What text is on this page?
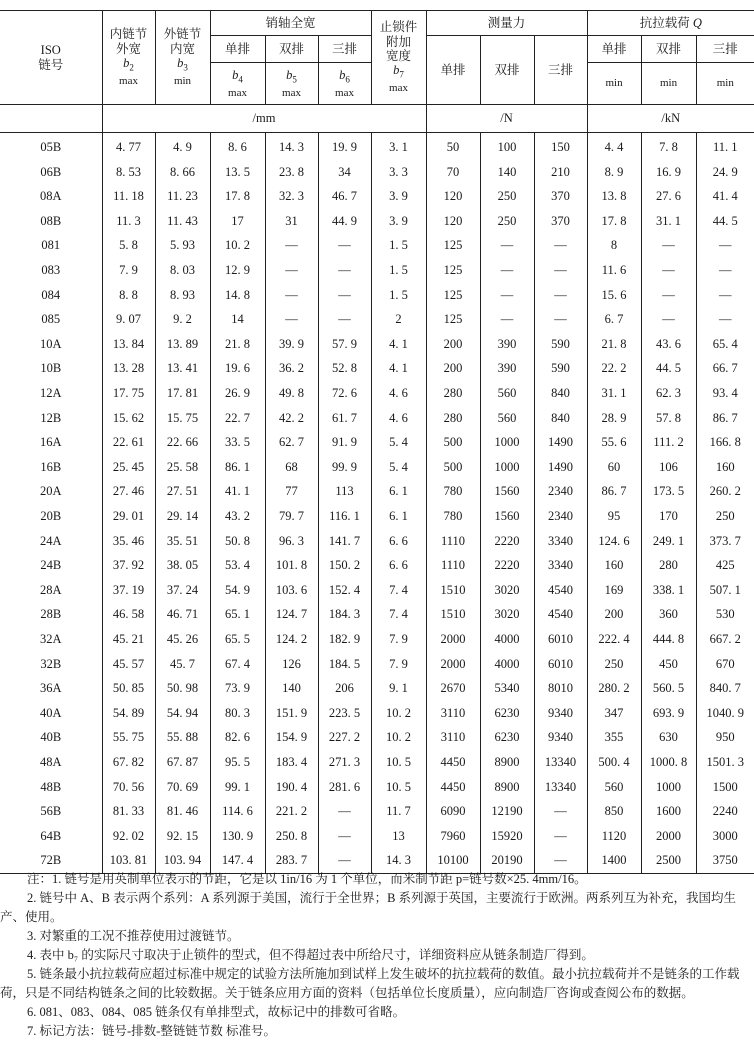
ISO
链号	内链节
外宽
$b_2$
max	外链节
内宽
$b_3$
min	销轴全宽			止锁件
附加
宽度
$b_7$
max	测量力			抗拉载荷 Q		
			单排	双排	三排		单排	双排	三排	单排	双排	三排
			$b_4$
max	$b_5$
max	$b_6$
max					min	min	min
	/mm						/N			/kN		
05B	4. 77	4. 9	8. 6	14. 3	19. 9	3. 1	50	100	150	4. 4	7. 8	11. 1
06B	8. 53	8. 66	13. 5	23. 8	34	3. 3	70	140	210	8. 9	16. 9	24. 9
08A	11. 18	11. 23	17. 8	32. 3	46. 7	3. 9	120	250	370	13. 8	27. 6	41. 4
08B	11. 3	11. 43	17	31	44. 9	3. 9	120	250	370	17. 8	31. 1	44. 5
081	5. 8	5. 93	10. 2	—	—	1. 5	125	—	—	8	—	—
083	7. 9	8. 03	12. 9	—	—	1. 5	125	—	—	11. 6	—	—
084	8. 8	8. 93	14. 8	—	—	1. 5	125	—	—	15. 6	—	—
085	9. 07	9. 2	14	—	—	2	125	—	—	6. 7	—	—
10A	13. 84	13. 89	21. 8	39. 9	57. 9	4. 1	200	390	590	21. 8	43. 6	65. 4
10B	13. 28	13. 41	19. 6	36. 2	52. 8	4. 1	200	390	590	22. 2	44. 5	66. 7
12A	17. 75	17. 81	26. 9	49. 8	72. 6	4. 6	280	560	840	31. 1	62. 3	93. 4
12B	15. 62	15. 75	22. 7	42. 2	61. 7	4. 6	280	560	840	28. 9	57. 8	86. 7
16A	22. 61	22. 66	33. 5	62. 7	91. 9	5. 4	500	1000	1490	55. 6	111. 2	166. 8
16B	25. 45	25. 58	86. 1	68	99. 9	5. 4	500	1000	1490	60	106	160
20A	27. 46	27. 51	41. 1	77	113	6. 1	780	1560	2340	86. 7	173. 5	260. 2
20B	29. 01	29. 14	43. 2	79. 7	116. 1	6. 1	780	1560	2340	95	170	250
24A	35. 46	35. 51	50. 8	96. 3	141. 7	6. 6	1110	2220	3340	124. 6	249. 1	373. 7
24B	37. 92	38. 05	53. 4	101. 8	150. 2	6. 6	1110	2220	3340	160	280	425
28A	37. 19	37. 24	54. 9	103. 6	152. 4	7. 4	1510	3020	4540	169	338. 1	507. 1
28B	46. 58	46. 71	65. 1	124. 7	184. 3	7. 4	1510	3020	4540	200	360	530
32A	45. 21	45. 26	65. 5	124. 2	182. 9	7. 9	2000	4000	6010	222. 4	444. 8	667. 2
32B	45. 57	45. 7	67. 4	126	184. 5	7. 9	2000	4000	6010	250	450	670
36A	50. 85	50. 98	73. 9	140	206	9. 1	2670	5340	8010	280. 2	560. 5	840. 7
40A	54. 89	54. 94	80. 3	151. 9	223. 5	10. 2	3110	6230	9340	347	693. 9	1040. 9
40B	55. 75	55. 88	82. 6	154. 9	227. 2	10. 2	3110	6230	9340	355	630	950
48A	67. 82	67. 87	95. 5	183. 4	271. 3	10. 5	4450	8900	13340	500. 4	1000. 8	1501. 3
48B	70. 56	70. 69	99. 1	190. 4	281. 6	10. 5	4450	8900	13340	560	1000	1500
56B	81. 33	81. 46	114. 6	221. 2	—	11. 7	6090	12190	—	850	1600	2240
64B	92. 02	92. 15	130. 9	250. 8	—	13	7960	15920	—	1120	2000	3000
72B	103. 81	103. 94	147. 4	283. 7	—	14. 3	10100	20190	—	1400	2500	3750

注：1. 链号是用英制单位表示的节距，它是以 1in/16 为 1 个单位，而米制节距 p=链号数×25. 4mm/16。

2. 链号中 A、B 表示两个系列：A 系列源于美国，流行于全世界；B 系列源于英国，主要流行于欧洲。两系列互为补充，我国均生产、使用。

3. 对繁重的工况不推荐使用过渡链节。

4. 表中 b₇ 的实际尺寸取决于止锁件的型式，但不得超过表中所给尺寸，详细资料应从链条制造厂得到。

5. 链条最小抗拉载荷应超过标准中规定的试验方法所施加到试样上发生破坏的抗拉载荷的数值。最小抗拉载荷并不是链条的工作载荷，只是不同结构链条之间的比较数据。关于链条应用方面的资料（包括单位长度质量），应向制造厂咨询或查阅公布的数据。

6. 081、083、084、085 链条仅有单排型式，故标记中的排数可省略。

7. 标记方法：链号-排数-整链链节数 标准号。
